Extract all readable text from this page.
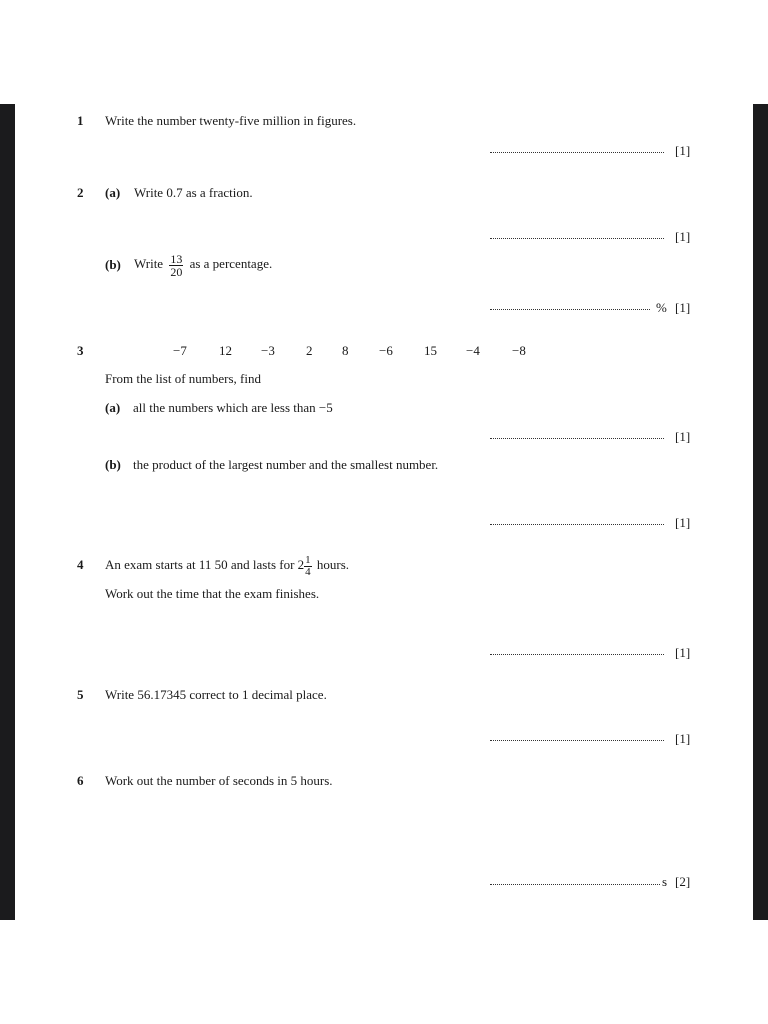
1 Write the number twenty-five million in figures.
[1]
2 (a) Write 0.7 as a fraction.
[1]
(b) Write $\frac{13}{20}$ as a percentage.
% [1]
3	−7 12 −3 2 8 −6 15 −4 −8
From the list of numbers, find
(a) all the numbers which are less than −5
[1]
(b) the product of the largest number and the smallest number.
[1]
4 An exam starts at 11 50 and lasts for $2 \frac{1}{4}$ hours.
Work out the time that the exam finishes.
[1]
5 Write 56.17345 correct to 1 decimal place.
[1]
6 Work out the number of seconds in 5 hours.
s [2]
